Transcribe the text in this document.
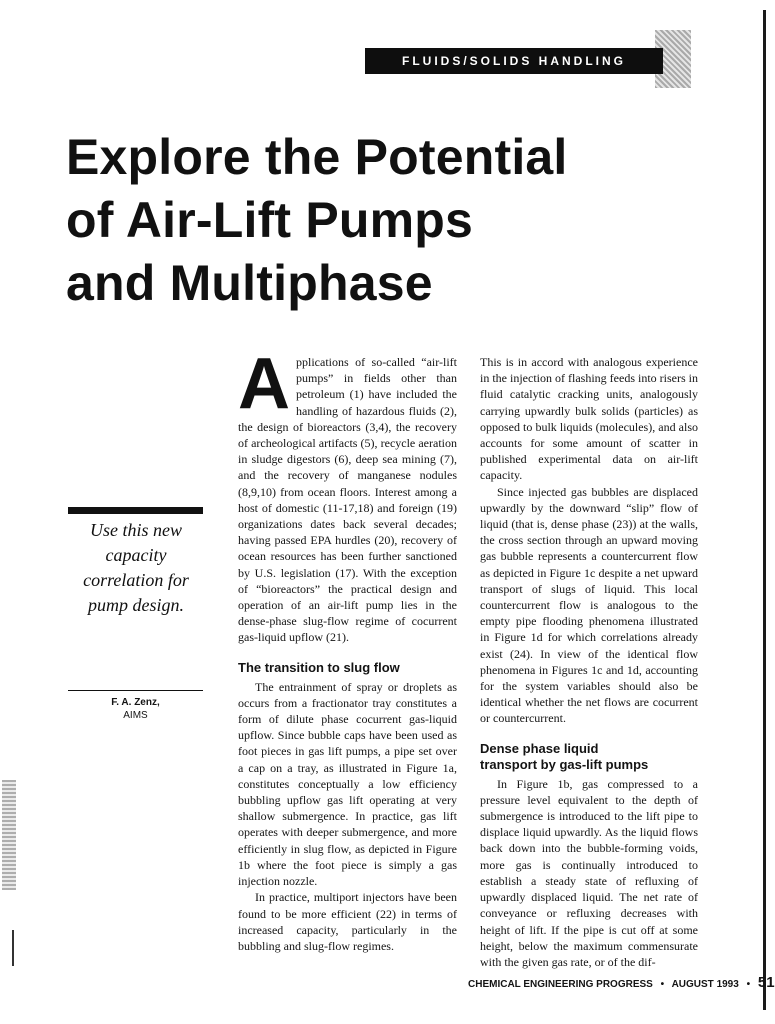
FLUIDS/SOLIDS HANDLING
Explore the Potential
of Air-Lift Pumps
and Multiphase
Use this new capacity correlation for pump design.
F. A. Zenz,
AIMS

Applications of so-called “air-lift pumps” in fields other than petroleum (1) have included the handling of hazardous fluids (2), the design of bioreactors (3,4), the recovery of archeological artifacts (5), recycle aeration in sludge digestors (6), deep sea mining (7), and the recovery of manganese nodules (8,9,10) from ocean floors. Interest among a host of domestic (11-17,18) and foreign (19) organizations dates back several decades; having passed EPA hurdles (20), recovery of ocean resources has been further sanctioned by U.S. legislation (17). With the exception of “bioreactors” the practical design and operation of an air-lift pump lies in the dense-phase slug-flow regime of cocurrent gas-liquid upflow (21).

The transition to slug flow

The entrainment of spray or droplets as occurs from a fractionator tray constitutes a form of dilute phase cocurrent gas-liquid upflow. Since bubble caps have been used as foot pieces in gas lift pumps, a pipe set over a cap on a tray, as illustrated in Figure 1a, constitutes conceptually a low efficiency bubbling upflow gas lift operating at very shallow submergence. In practice, gas lift operates with deeper submergence, and more efficiently in slug flow, as depicted in Figure 1b where the foot piece is simply a gas injection nozzle.

In practice, multiport injectors have been found to be more efficient (22) in terms of increased capacity, particularly in the bubbling and slug-flow regimes.

This is in accord with analogous experience in the injection of flashing feeds into risers in fluid catalytic cracking units, analogously carrying upwardly bulk solids (particles) as opposed to bulk liquids (molecules), and also accounts for some amount of scatter in published experimental data on air-lift capacity.

Since injected gas bubbles are displaced upwardly by the downward “slip” flow of liquid (that is, dense phase (23)) at the walls, the cross section through an upward moving gas bubble represents a countercurrent flow as depicted in Figure 1c despite a net upward transport of slugs of liquid. This local countercurrent flow is analogous to the empty pipe flooding phenomena illustrated in Figure 1d for which correlations already exist (24). In view of the identical flow phenomena in Figures 1c and 1d, accounting for the system variables should also be identical whether the net flows are cocurrent or countercurrent.

Dense phase liquid
transport by gas-lift pumps

In Figure 1b, gas compressed to a pressure level equivalent to the depth of submergence is introduced to the lift pipe to displace liquid upwardly. As the liquid flows back down into the bubble-forming voids, more gas is continually introduced to establish a steady state of refluxing of upwardly displaced liquid. The net rate of conveyance or refluxing decreases with height of lift. If the pipe is cut off at some height, below the maximum commensurate with the given gas rate, or of the dif-

CHEMICAL ENGINEERING PROGRESS • AUGUST 1993 • 51
